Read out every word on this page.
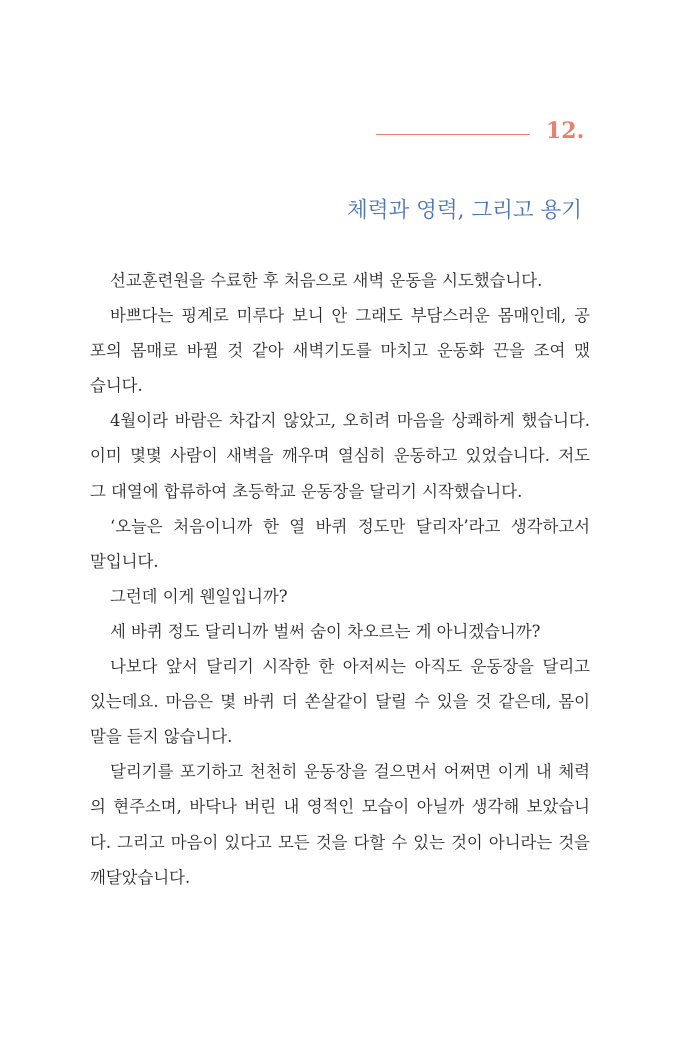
12.
체력과 영력, 그리고 용기
선교훈련원을 수료한 후 처음으로 새벽 운동을 시도했습니다.
바쁘다는 핑계로 미루다 보니 안 그래도 부담스러운 몸매인데, 공
포의 몸매로 바뀔 것 같아 새벽기도를 마치고 운동화 끈을 조여 맸
습니다.
4월이라 바람은 차갑지 않았고, 오히려 마음을 상쾌하게 했습니다.
이미 몇몇 사람이 새벽을 깨우며 열심히 운동하고 있었습니다. 저도
그 대열에 합류하여 초등학교 운동장을 달리기 시작했습니다.
‘오늘은 처음이니까 한 열 바퀴 정도만 달리자’라고 생각하고서
말입니다.
그런데 이게 웬일입니까?
세 바퀴 정도 달리니까 벌써 숨이 차오르는 게 아니겠습니까?
나보다 앞서 달리기 시작한 한 아저씨는 아직도 운동장을 달리고
있는데요. 마음은 몇 바퀴 더 쏜살같이 달릴 수 있을 것 같은데, 몸이
말을 듣지 않습니다.
달리기를 포기하고 천천히 운동장을 걸으면서 어쩌면 이게 내 체력
의 현주소며, 바닥나 버린 내 영적인 모습이 아닐까 생각해 보았습니
다. 그리고 마음이 있다고 모든 것을 다할 수 있는 것이 아니라는 것을
깨달았습니다.
